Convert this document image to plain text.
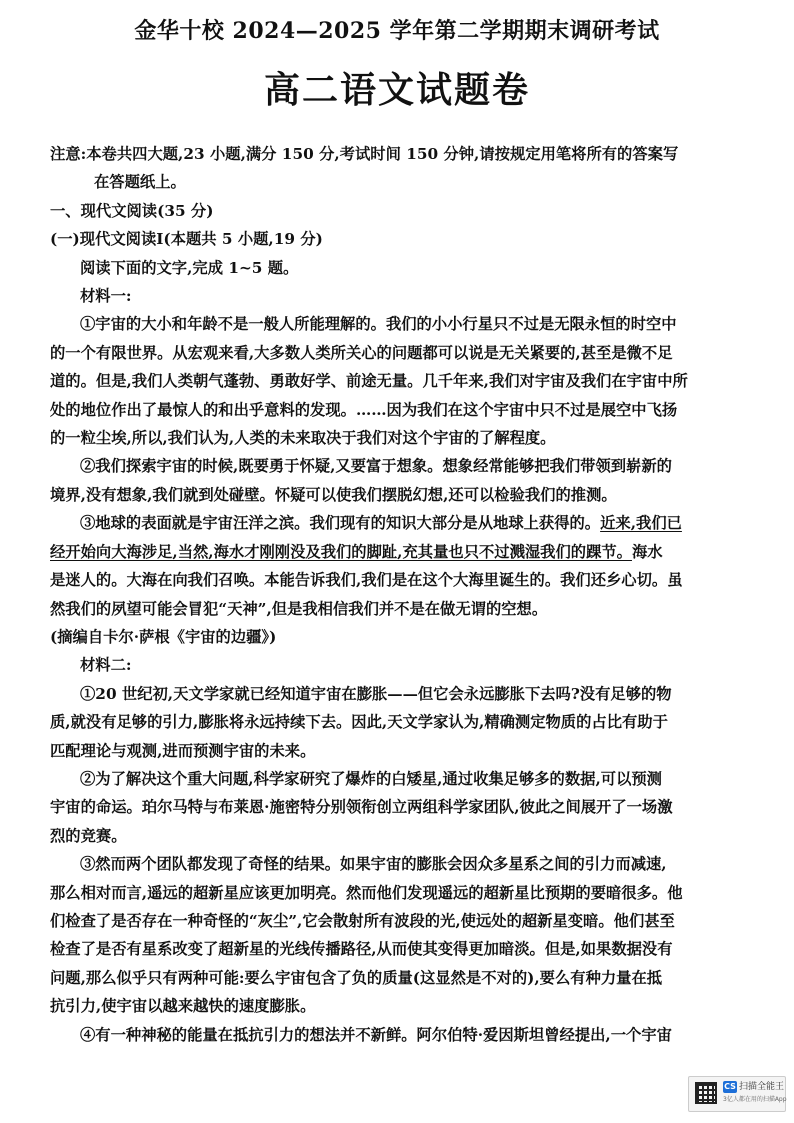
金华十校 2024—2025 学年第二学期期末调研考试
高二语文试题卷

注意:本卷共四大题,23 小题,满分 150 分,考试时间 150 分钟,请按规定用笔将所有的答案写
在答题纸上。

一、现代文阅读(35 分)

(一)现代文阅读Ⅰ(本题共 5 小题,19 分)

阅读下面的文字,完成 1~5 题。

材料一:

①宇宙的大小和年龄不是一般人所能理解的。我们的小小行星只不过是无限永恒的时空中
的一个有限世界。从宏观来看,大多数人类所关心的问题都可以说是无关紧要的,甚至是微不足
道的。但是,我们人类朝气蓬勃、勇敢好学、前途无量。几千年来,我们对宇宙及我们在宇宙中所
处的地位作出了最惊人的和出乎意料的发现。……因为我们在这个宇宙中只不过是展空中飞扬
的一粒尘埃,所以,我们认为,人类的未来取决于我们对这个宇宙的了解程度。

②我们探索宇宙的时候,既要勇于怀疑,又要富于想象。想象经常能够把我们带领到崭新的
境界,没有想象,我们就到处碰壁。怀疑可以使我们摆脱幻想,还可以检验我们的推测。

③地球的表面就是宇宙汪洋之滨。我们现有的知识大部分是从地球上获得的。近来,我们已
经开始向大海涉足,当然,海水才刚刚没及我们的脚趾,充其量也只不过溅湿我们的踝节。海水
是迷人的。大海在向我们召唤。本能告诉我们,我们是在这个大海里诞生的。我们还乡心切。虽
然我们的夙望可能会冒犯“天神”,但是我相信我们并不是在做无谓的空想。

(摘编自卡尔·萨根《宇宙的边疆》)

材料二:

①20 世纪初,天文学家就已经知道宇宙在膨胀——但它会永远膨胀下去吗?没有足够的物
质,就没有足够的引力,膨胀将永远持续下去。因此,天文学家认为,精确测定物质的占比有助于
匹配理论与观测,进而预测宇宙的未来。

②为了解决这个重大问题,科学家研究了爆炸的白矮星,通过收集足够多的数据,可以预测
宇宙的命运。珀尔马特与布莱恩·施密特分别领衔创立两组科学家团队,彼此之间展开了一场激
烈的竞赛。

③然而两个团队都发现了奇怪的结果。如果宇宙的膨胀会因众多星系之间的引力而减速,
那么相对而言,遥远的超新星应该更加明亮。然而他们发现遥远的超新星比预期的要暗很多。他
们检查了是否存在一种奇怪的“灰尘”,它会散射所有波段的光,使远处的超新星变暗。他们甚至
检查了是否有星系改变了超新星的光线传播路径,从而使其变得更加暗淡。但是,如果数据没有
问题,那么似乎只有两种可能:要么宇宙包含了负的质量(这显然是不对的),要么有种力量在抵
抗引力,使宇宙以越来越快的速度膨胀。

④有一种神秘的能量在抵抗引力的想法并不新鲜。阿尔伯特·爱因斯坦曾经提出,一个宇宙

CS 扫描全能王
3亿人都在用的扫描App
